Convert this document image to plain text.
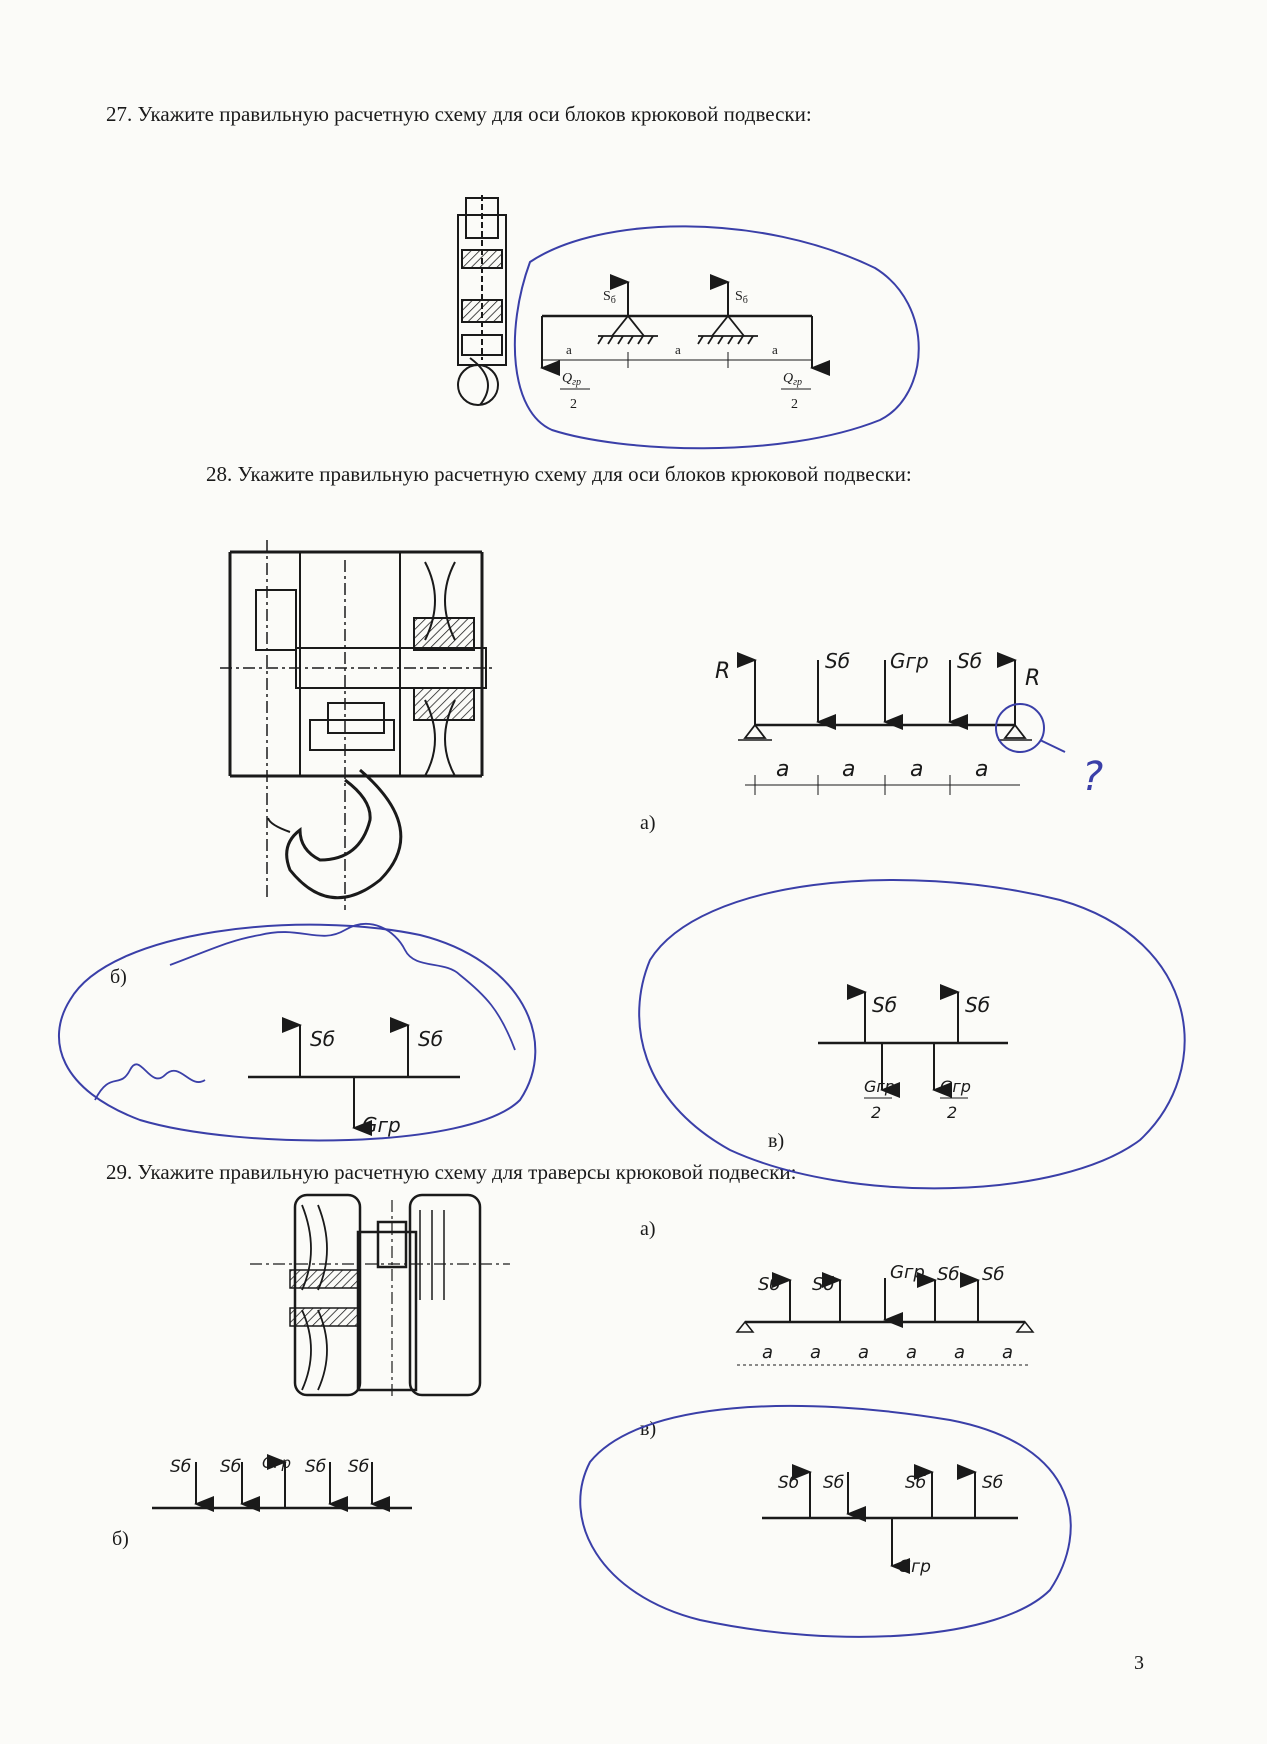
27. Укажите правильную расчетную схему для оси блоков крюковой подвески:
28. Укажите правильную расчетную схему для оси блоков крюковой подвески:
29. Укажите правильную расчетную схему для траверсы крюковой подвески:
а)
б)
в)
а)
в)
б)
3
$S_б$	$S_б$
a	a	a
$Q_{гр}$
2
$Q_{гр}$
2
R	R
Sб Gгр Sб
a a a a ?
Sб	Sб
Gгр
Sб	Sб
Gгр
2
Gгр
2
Sб Sб
Gгр Sб Sб
a a a a a a
Sб Sб Gгр Sб Sб
Sб Sб	Sб	Sб
Gгр
